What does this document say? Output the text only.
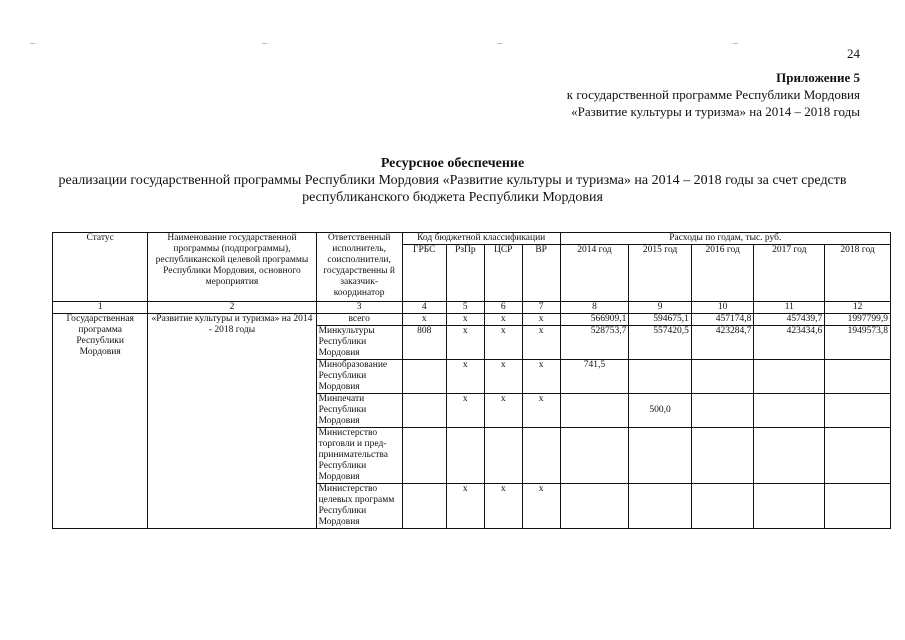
24
Приложение 5
к государственной программе Республики Мордовия
«Развитие культуры и туризма» на 2014 – 2018 годы
Ресурсное обеспечение
реализации государственной программы Республики Мордовия «Развитие культуры и туризма» на 2014 – 2018 годы за счет средств республиканского бюджета Республики Мордовия
Статус	Наименование государственной программы (подпрограммы), республиканской целевой программы Республики Мордовия, основного мероприятия	Ответственный исполнитель, соисполнители, государственны й заказчик-координатор	Код бюджетной классификации				Расходы по годам, тыс. руб.				
			ГРБС	РзПр	ЦСР	ВР	2014 год	2015 год	2016 год	2017 год	2018 год
1	2	3	4	5	6	7	8	9	10	11	12
Государственная программа Республики Мордовия	«Развитие культуры и туризма» на 2014 - 2018 годы	всего	х	х	х	х	566909,1	594675,1	457174,8	457439,7	1997799,9
		Минкультуры Республики Мордовия	808	х	х	х	528753,7	557420,5	423284,7	423434,6	1949573,8
		Минобразование Республики Мордовия		х	х	х	741,5				
		Минпечати Республики Мордовия		х	х	х		500,0			
		Министерство торговли и пред-принимательства Республики Мордовия									
		Министерство целевых программ Республики Мордовия		х	х	х					
